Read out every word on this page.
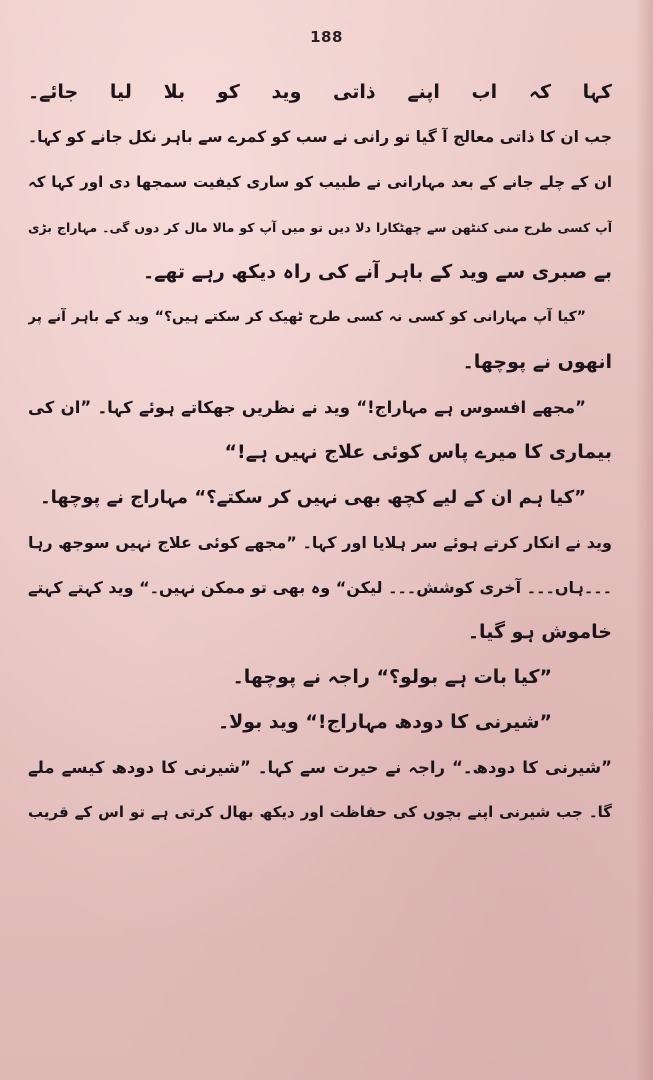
188
کہا کہ اب اپنے ذاتی وید کو بلا لیا جائے۔
جب ان کا ذاتی معالج آ گیا تو رانی نے سب کو کمرے سے باہر نکل جانے کو کہا۔
ان کے چلے جانے کے بعد مہارانی نے طبیب کو ساری کیفیت سمجھا دی اور کہا کہ
آپ کسی طرح منی کنٹھن سے چھٹکارا دلا دیں تو میں آپ کو مالا مال کر دوں گی۔ مہاراج بڑی
بے صبری سے وید کے باہر آنے کی راہ دیکھ رہے تھے۔
”کیا آپ مہارانی کو کسی نہ کسی طرح ٹھیک کر سکتے ہیں؟“ وید کے باہر آنے پر
انھوں نے پوچھا۔
”مجھے افسوس ہے مہاراج!“ وید نے نظریں جھکاتے ہوئے کہا۔ ”ان کی
بیماری کا میرے پاس کوئی علاج نہیں ہے!“
”کیا ہم ان کے لیے کچھ بھی نہیں کر سکتے؟“ مہاراج نے پوچھا۔
وید نے انکار کرتے ہوئے سر ہلایا اور کہا۔ ”مجھے کوئی علاج نہیں سوجھ رہا
۔۔۔ہاں۔۔۔ آخری کوشش۔۔۔ لیکن“ وہ بھی تو ممکن نہیں۔“ وید کہتے کہتے
خاموش ہو گیا۔
”کیا بات ہے بولو؟“ راجہ نے پوچھا۔
”شیرنی کا دودھ مہاراج!“ وید بولا۔
”شیرنی کا دودھ۔“ راجہ نے حیرت سے کہا۔ ”شیرنی کا دودھ کیسے ملے
گا۔ جب شیرنی اپنے بچوں کی حفاظت اور دیکھ بھال کرتی ہے تو اس کے قریب
